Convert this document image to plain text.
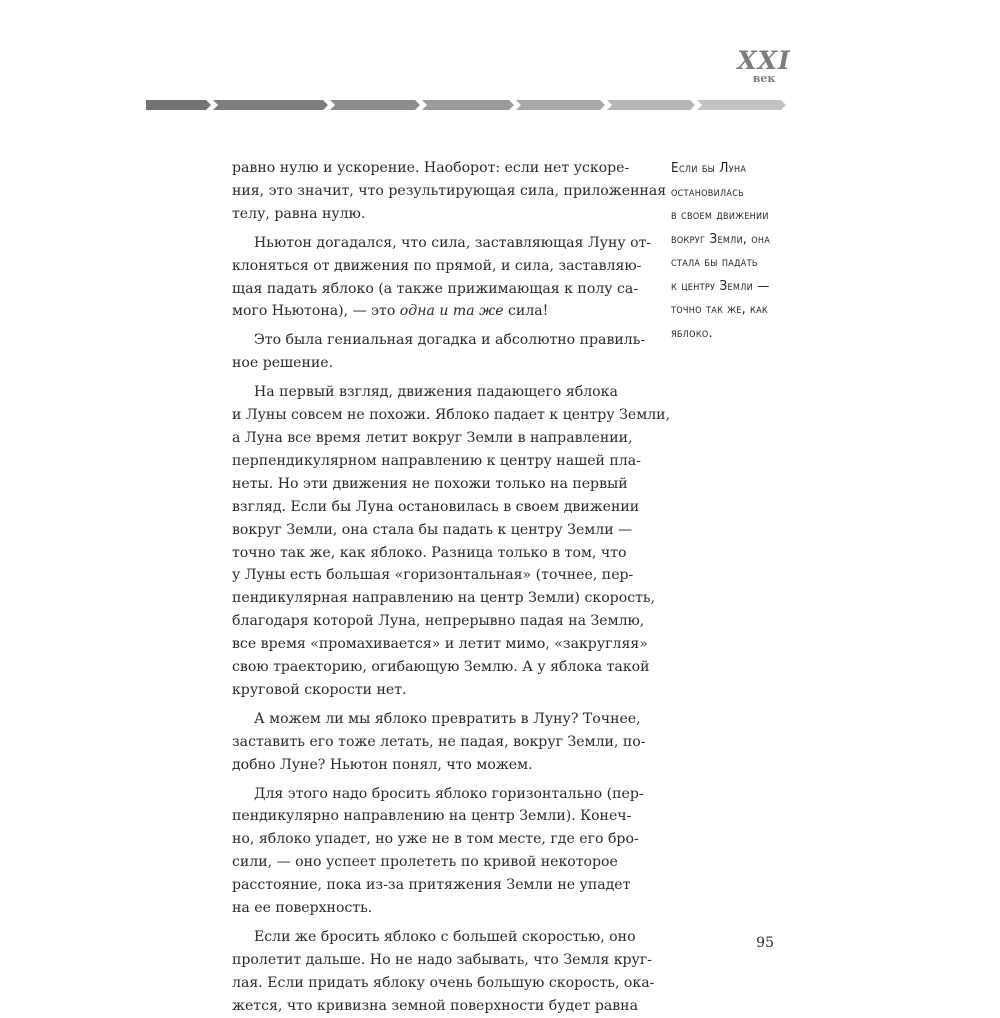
XXI
век
равно нулю и ускорение. Наоборот: если нет ускоре-
ния, это значит, что результирующая сила, приложенная
телу, равна нулю.
Ньютон догадался, что сила, заставляющая Луну от-
клоняться от движения по прямой, и сила, заставляю-
щая падать яблоко (а также прижимающая к полу са-
мого Ньютона), — это одна и та же сила!
Это была гениальная догадка и абсолютно правиль-
ное решение.
На первый взгляд, движения падающего яблока
и Луны совсем не похожи. Яблоко падает к центру Земли,
а Луна все время летит вокруг Земли в направлении,
перпендикулярном направлению к центру нашей пла-
неты. Но эти движения не похожи только на первый
взгляд. Если бы Луна остановилась в своем движении
вокруг Земли, она стала бы падать к центру Земли —
точно так же, как яблоко. Разница только в том, что
у Луны есть большая «горизонтальная» (точнее, пер-
пендикулярная направлению на центр Земли) скорость,
благодаря которой Луна, непрерывно падая на Землю,
все время «промахивается» и летит мимо, «закругляя»
свою траекторию, огибающую Землю. А у яблока такой
круговой скорости нет.
А можем ли мы яблоко превратить в Луну? Точнее,
заставить его тоже летать, не падая, вокруг Земли, по-
добно Луне? Ньютон понял, что можем.
Для этого надо бросить яблоко горизонтально (пер-
пендикулярно направлению на центр Земли). Конеч-
но, яблоко упадет, но уже не в том месте, где его бро-
сили, — оно успеет пролететь по кривой некоторое
расстояние, пока из-за притяжения Земли не упадет
на ее поверхность.
Если же бросить яблоко с большей скоростью, оно
пролетит дальше. Но не надо забывать, что Земля круг-
лая. Если придать яблоку очень большую скорость, ока-
жется, что кривизна земной поверхности будет равна
Если бы Луна
остановилась
в своем движении
вокруг Земли, она
стала бы падать
к центру Земли —
точно так же, как
яблоко.
95
